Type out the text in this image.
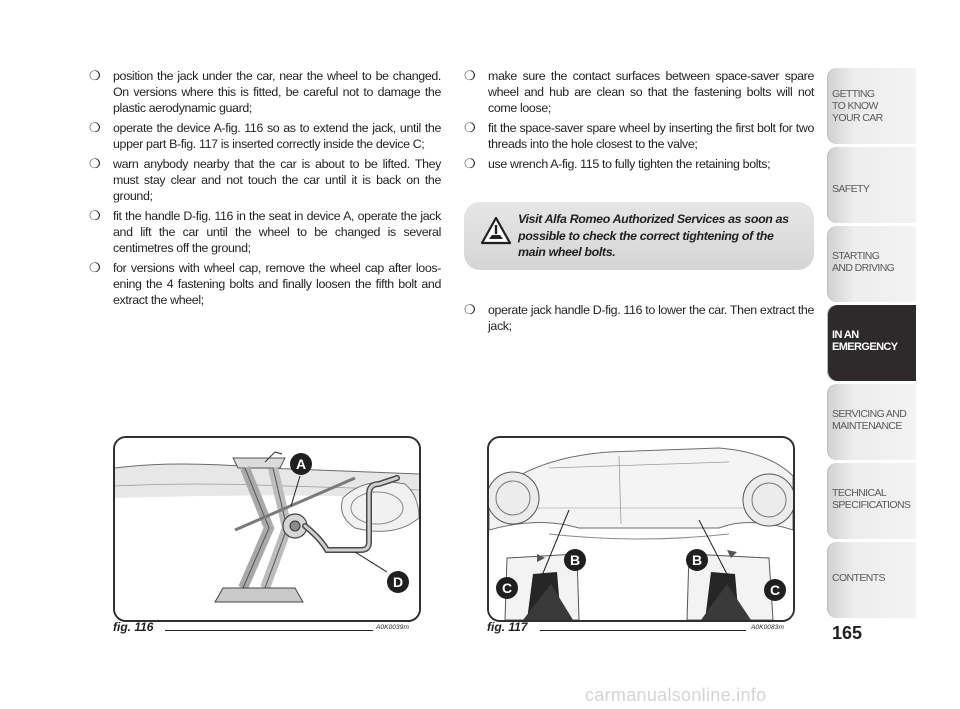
❍ position the jack under the car, near the wheel to be changed. On versions where this is fitted, be careful not to damage the plastic aerodynamic guard;
❍ operate the device A-fig. 116 so as to extend the jack, until the upper part B-fig. 117 is inserted correctly inside the device C;
❍ warn anybody nearby that the car is about to be lifted. They must stay clear and not touch the car until it is back on the ground;
❍ fit the handle D-fig. 116 in the seat in device A, operate the jack and lift the car until the wheel to be changed is several centimetres off the ground;
❍ for versions with wheel cap, remove the wheel cap after loos-ening the 4 fastening bolts and finally loosen the fifth bolt and extract the wheel;
❍ make sure the contact surfaces between space-saver spare wheel and hub are clean so that the fastening bolts will not come loose;
❍ fit the space-saver spare wheel by inserting the first bolt for two threads into the hole closest to the valve;
❍ use wrench A-fig. 115 to fully tighten the retaining bolts;
Visit Alfa Romeo Authorized Services as soon as possible to check the correct tightening of the main wheel bolts.
❍ operate jack handle D-fig. 116 to lower the car. Then extract the jack;
A
D
fig. 116	A0K0039m
B
C
B
C
fig. 117	A0K0083m
GETTING
TO KNOW
YOUR CAR
SAFETY
STARTING
AND DRIVING
IN AN
EMERGENCY
SERVICING AND
MAINTENANCE
TECHNICAL
SPECIFICATIONS
CONTENTS
165
carmanualsonline.info
